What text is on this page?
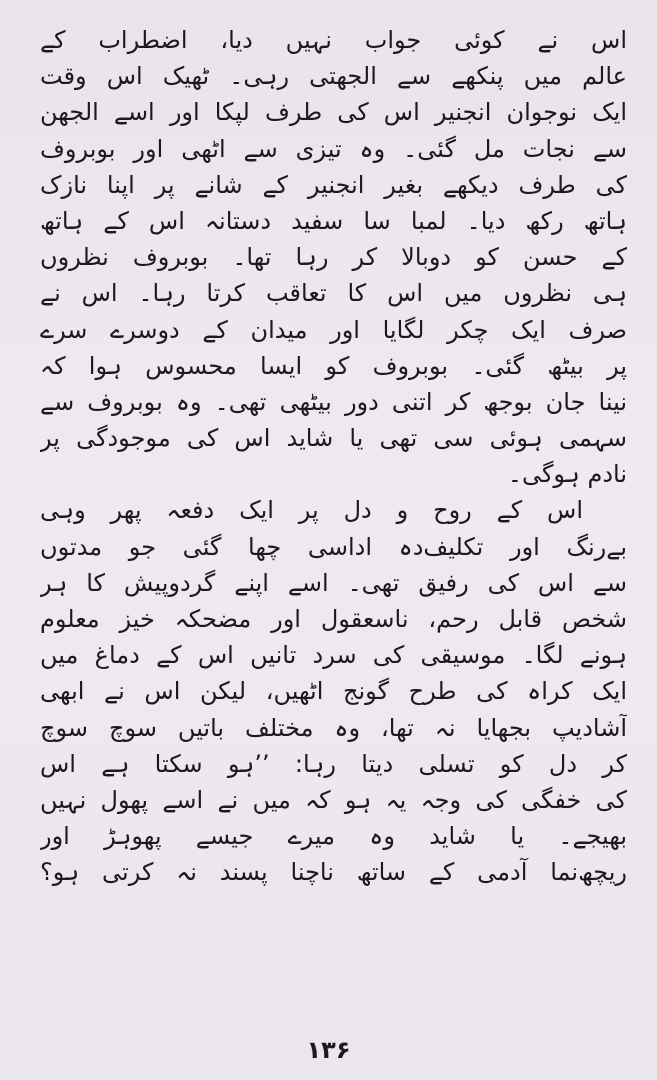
اس نے کوئی جواب نہیں دیا، اضطراب کے
عالم میں پنکھے سے الجھتی رہی۔ ٹھیک اس وقت
ایک نوجوان انجنیر اس کی طرف لپکا اور اسے الجھن
سے نجات مل گئی۔ وہ تیزی سے اٹھی اور بوبروف
کی طرف دیکھے بغیر انجنیر کے شانے پر اپنا نازک
ہاتھ رکھ دیا۔ لمبا سا سفید دستانہ اس کے ہاتھ
کے حسن کو دوبالا کر رہا تھا۔ بوبروف نظروں
ہی نظروں میں اس کا تعاقب کرتا رہا۔ اس نے
صرف ایک چکر لگایا اور میدان کے دوسرے سرے
پر بیٹھ گئی۔ بوبروف کو ایسا محسوس ہوا کہ
نینا جان بوجھ کر اتنی دور بیٹھی تھی۔ وہ بوبروف سے
سہمی ہوئی سی تھی یا شاید اس کی موجودگی پر
نادم ہوگی۔
اس کے روح و دل پر ایک دفعہ پھر وہی
بےرنگ اور تکلیف‌دہ اداسی چھا گئی جو مدتوں
سے اس کی رفیق تھی۔ اسے اپنے گردوپیش کا ہر
شخص قابل رحم، ناسعقول اور مضحکہ خیز معلوم
ہونے لگا۔ موسیقی کی سرد تانیں اس کے دماغ میں
ایک کراہ کی طرح گونج اٹھیں، لیکن اس نے ابھی
آشادیپ بجھایا نہ تھا، وہ مختلف باتیں سوچ سوچ
کر دل کو تسلی دیتا رہا: ’’ہو سکتا ہے اس
کی خفگی کی وجہ یہ ہو کہ میں نے اسے پھول نہیں
بھیجے۔ یا شاید وہ میرے جیسے پھوہڑ اور
ریچھ‌نما آدمی کے ساتھ ناچنا پسند نہ کرتی ہو؟
۱۳۶
